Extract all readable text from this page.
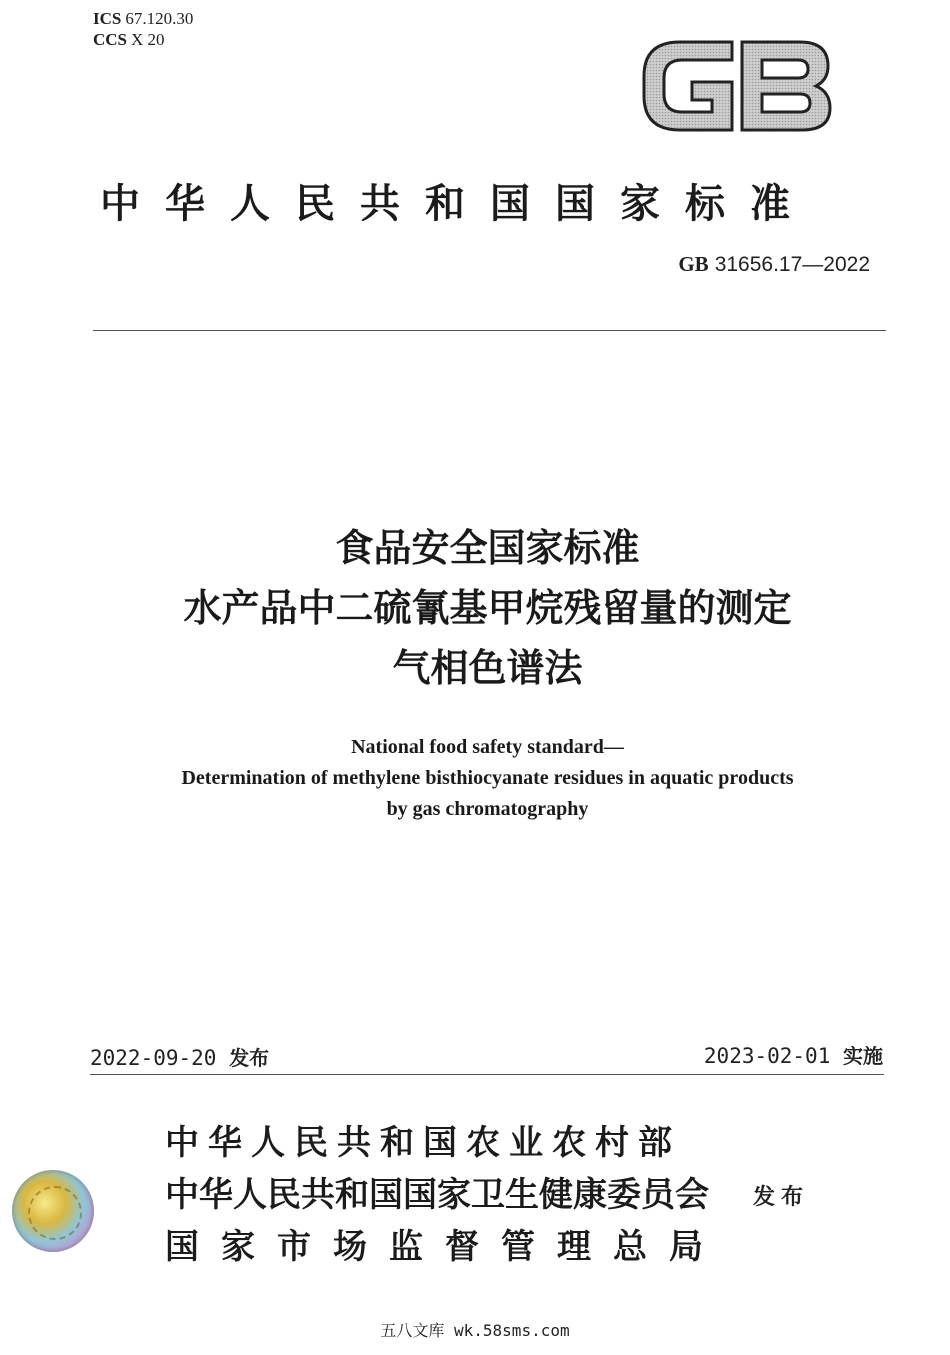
ICS 67.120.30
CCS X 20
中华人民共和国国家标准
GB 31656.17—2022
食品安全国家标准
水产品中二硫氰基甲烷残留量的测定
气相色谱法
National food safety standard—
Determination of methylene bisthiocyanate residues in aquatic products
by gas chromatography
2022-09-20 发布	2023-02-01 实施
中华人民共和国农业农村部
中华人民共和国国家卫生健康委员会
国家市场监督管理总局
发布
五八文库 wk.58sms.com
